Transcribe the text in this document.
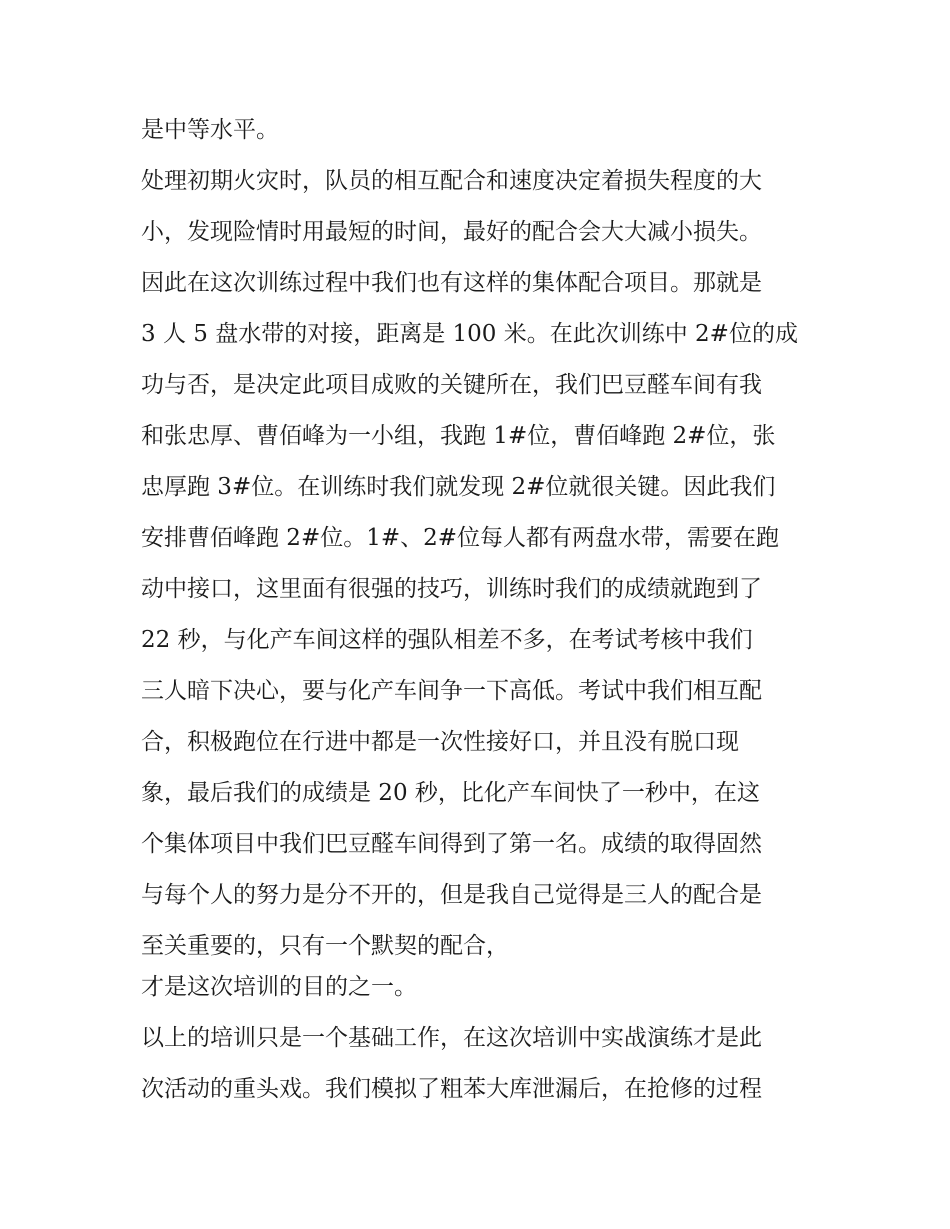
是中等水平。
处理初期火灾时，队员的相互配合和速度决定着损失程度的大
小，发现险情时用最短的时间，最好的配合会大大减小损失。
因此在这次训练过程中我们也有这样的集体配合项目。那就是
3 人 5 盘水带的对接，距离是 100 米。在此次训练中 2#位的成
功与否，是决定此项目成败的关键所在，我们巴豆醛车间有我
和张忠厚、曹佰峰为一小组，我跑 1#位，曹佰峰跑 2#位，张
忠厚跑 3#位。在训练时我们就发现 2#位就很关键。因此我们
安排曹佰峰跑 2#位。1#、2#位每人都有两盘水带，需要在跑
动中接口，这里面有很强的技巧，训练时我们的成绩就跑到了
22 秒，与化产车间这样的强队相差不多，在考试考核中我们
三人暗下决心，要与化产车间争一下高低。考试中我们相互配
合，积极跑位在行进中都是一次性接好口，并且没有脱口现
象，最后我们的成绩是 20 秒，比化产车间快了一秒中，在这
个集体项目中我们巴豆醛车间得到了第一名。成绩的取得固然
与每个人的努力是分不开的，但是我自己觉得是三人的配合是
至关重要的，只有一个默契的配合，
才是这次培训的目的之一。
以上的培训只是一个基础工作，在这次培训中实战演练才是此
次活动的重头戏。我们模拟了粗苯大库泄漏后，在抢修的过程
